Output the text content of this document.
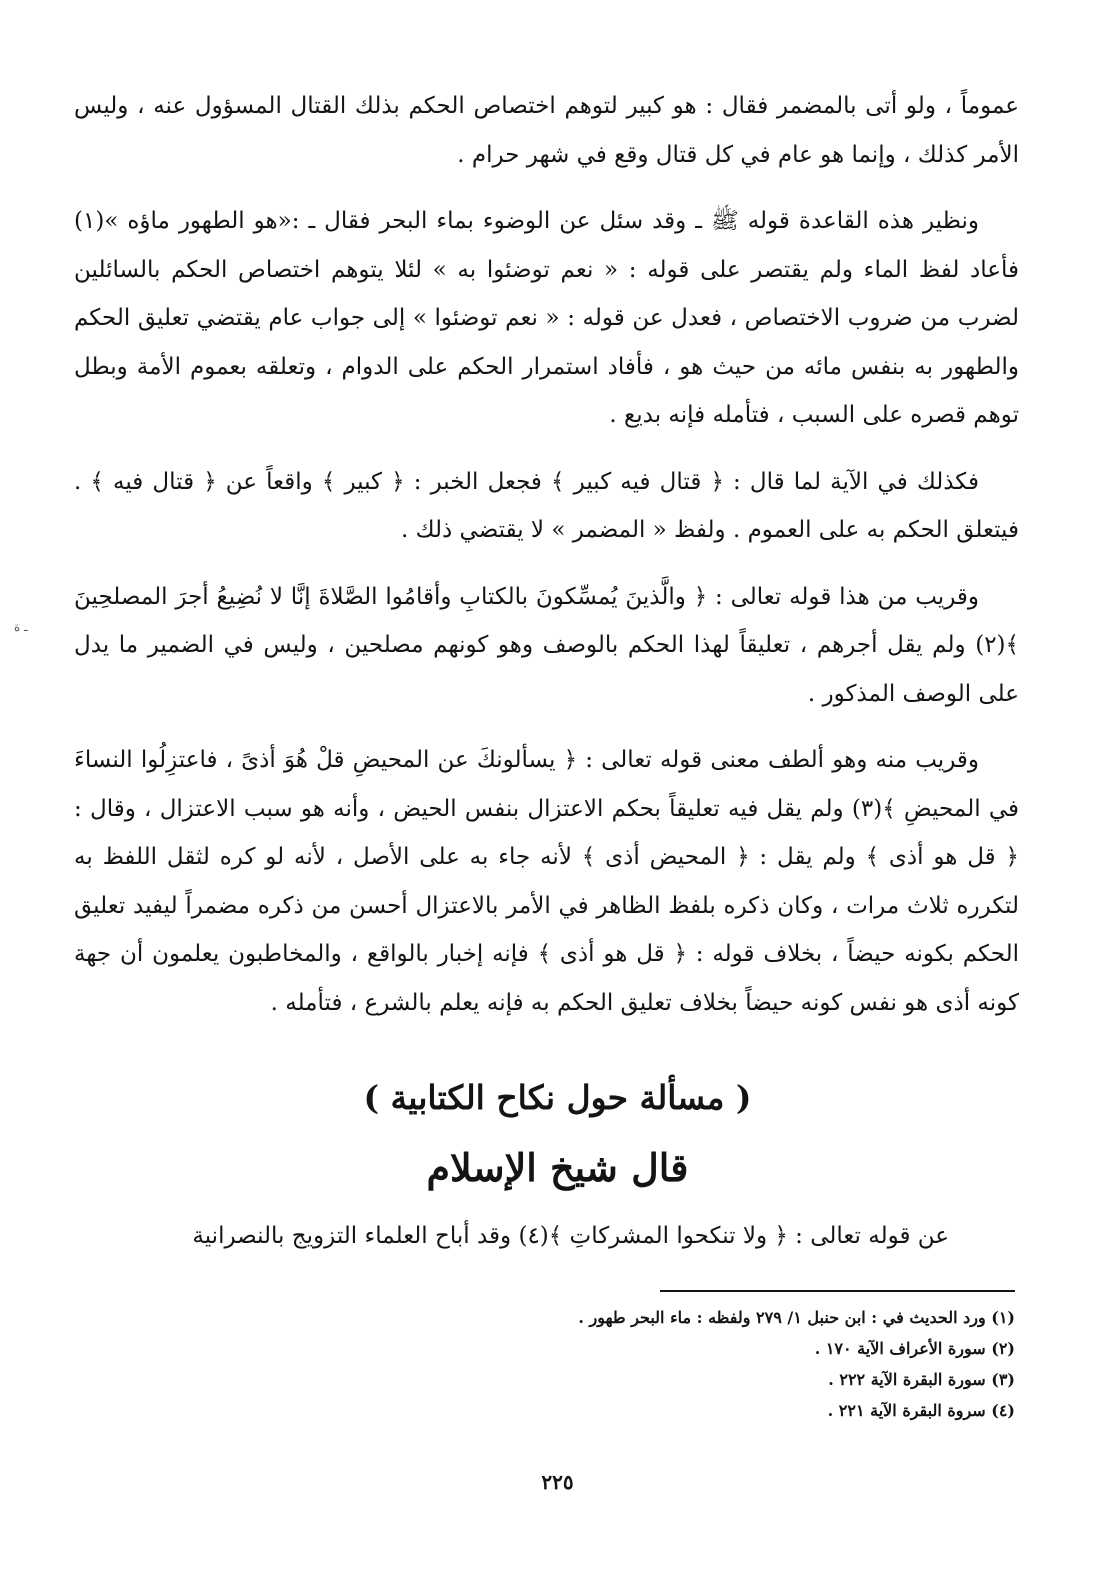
عموماً ، ولو أتى بالمضمر فقال : هو كبير لتوهم اختصاص الحكم بذلك القتال المسؤول عنه ، وليس الأمر كذلك ، وإنما هو عام في كل قتال وقع في شهر حرام .

ونظير هذه القاعدة قوله ﷺ ـ وقد سئل عن الوضوء بماء البحر فقال ـ :«هو الطهور ماؤه »(١) فأعاد لفظ الماء ولم يقتصر على قوله : « نعم توضئوا به » لئلا يتوهم اختصاص الحكم بالسائلين لضرب من ضروب الاختصاص ، فعدل عن قوله : « نعم توضئوا » إلى جواب عام يقتضي تعليق الحكم والطهور به بنفس مائه من حيث هو ، فأفاد استمرار الحكم على الدوام ، وتعلقه بعموم الأمة وبطل توهم قصره على السبب ، فتأمله فإنه بديع .

فكذلك في الآية لما قال : ﴿ قتال فيه كبير ﴾ فجعل الخبر : ﴿ كبير ﴾ واقعاً عن ﴿ قتال فيه ﴾ . فيتعلق الحكم به على العموم . ولفظ « المضمر » لا يقتضي ذلك .

وقريب من هذا قوله تعالى : ﴿ والَّذينَ يُمسِّكونَ بالكتابِ وأقامُوا الصَّلاةَ إنَّا لا نُضِيعُ أجرَ المصلحِينَ ﴾(٢) ولم يقل أجرهم ، تعليقاً لهذا الحكم بالوصف وهو كونهم مصلحين ، وليس في الضمير ما يدل على الوصف المذكور .

وقريب منه وهو ألطف معنى قوله تعالى : ﴿ يسألونكَ عن المحيضِ قلْ هُوَ أذىً ، فاعتزِلُوا النساءَ في المحيضِ ﴾(٣) ولم يقل فيه تعليقاً بحكم الاعتزال بنفس الحيض ، وأنه هو سبب الاعتزال ، وقال : ﴿ قل هو أذى ﴾ ولم يقل : ﴿ المحيض أذى ﴾ لأنه جاء به على الأصل ، لأنه لو كره لثقل اللفظ به لتكرره ثلاث مرات ، وكان ذكره بلفظ الظاهر في الأمر بالاعتزال أحسن من ذكره مضمراً ليفيد تعليق الحكم بكونه حيضاً ، بخلاف قوله : ﴿ قل هو أذى ﴾ فإنه إخبار بالواقع ، والمخاطبون يعلمون أن جهة كونه أذى هو نفس كونه حيضاً بخلاف تعليق الحكم به فإنه يعلم بالشرع ، فتأمله .

( مسألة حول نكاح الكتابية )
قال شيخ الإسلام

عن قوله تعالى : ﴿ ولا تنكحوا المشركاتِ ﴾(٤) وقد أباح العلماء التزويج بالنصرانية

(١) ورد الحديث في : ابن حنبل ١/ ٢٧٩ ولفظه : ماء البحر طهور .
(٢) سورة الأعراف الآية ١٧٠ .
(٣) سورة البقرة الآية ٢٢٢ .
(٤) سروة البقرة الآية ٢٢١ .
٢٢٥
ـ ة
